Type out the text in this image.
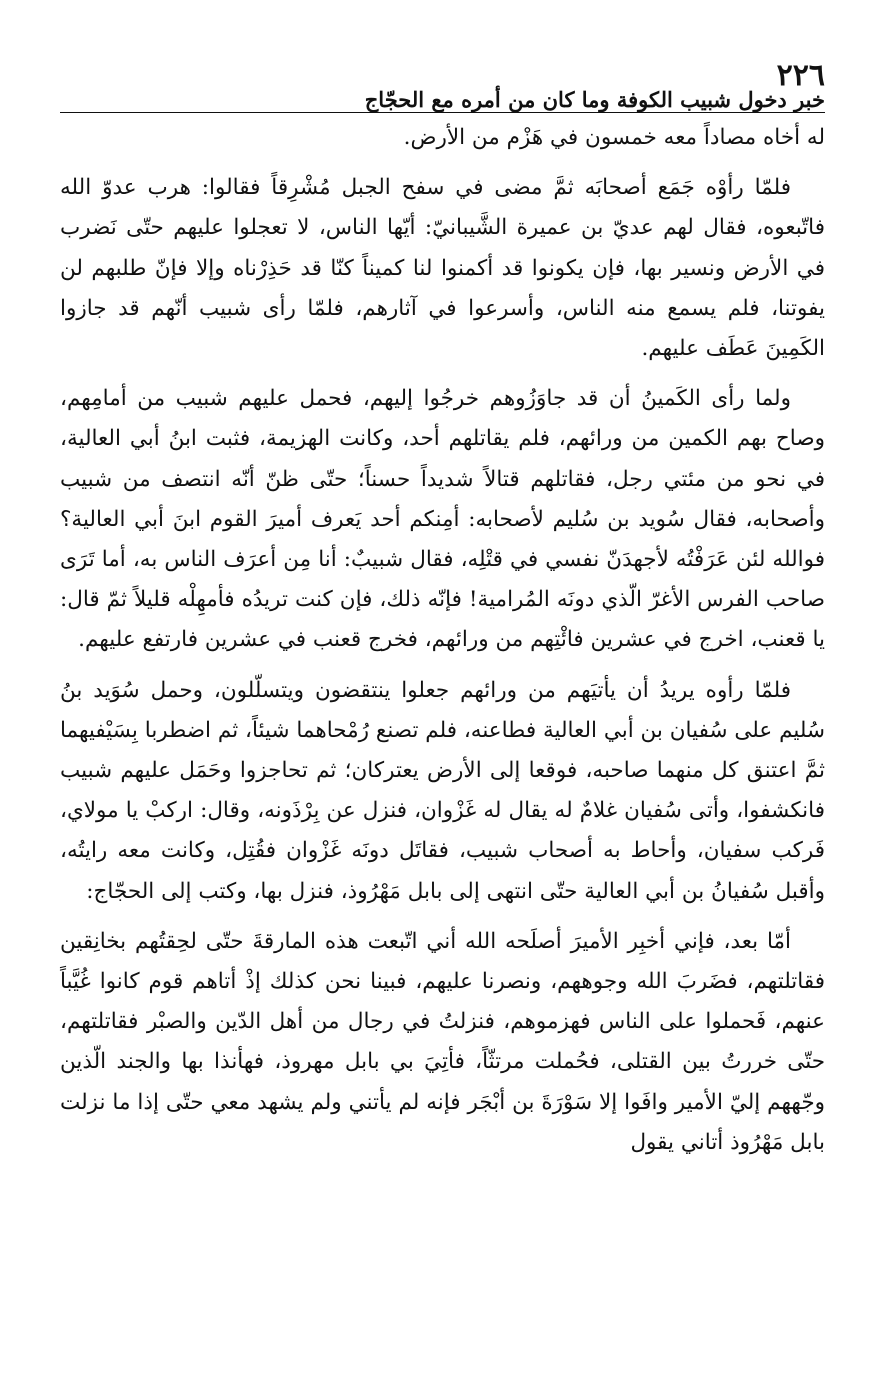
٢٢٦
خبر دخول شبيب الكوفة وما كان من أمره مع الحجّاج

له أخاه مصاداً معه خمسون في هَزْم من الأرض.

فلمّا رأوْه جَمَع أصحابَه ثمَّ مضى في سفح الجبل مُشْرِقاً فقالوا: هرب عدوّ الله فاتّبعوه، فقال لهم عديّ بن عميرة الشَّيبانيّ: أيّها الناس، لا تعجلوا عليهم حتّى نَضرب في الأرض ونسير بها، فإن يكونوا قد أكمنوا لنا كميناً كنّا قد حَذِرْناه وإلا فإنّ طلبهم لن يفوتنا، فلم يسمع منه الناس، وأسرعوا في آثارهم، فلمّا رأى شبيب أنّهم قد جازوا الكَمِينَ عَطَف عليهم.

ولما رأى الكَمينُ أن قد جاوَزُوهم خرجُوا إليهم، فحمل عليهم شبيب من أمامِهم، وصاح بهم الكمين من ورائهم، فلم يقاتلهم أحد، وكانت الهزيمة، فثبت ابنُ أبي العالية، في نحو من مئتي رجل، فقاتلهم قتالاً شديداً حسناً؛ حتّى ظنّ أنّه انتصف من شبيب وأصحابه، فقال سُويد بن سُليم لأصحابه: أمِنكم أحد يَعرف أميرَ القوم ابنَ أبي العالية؟ فوالله لئن عَرَفْتُه لأجهدَنّ نفسي في قتْلِه، فقال شبيبٌ: أنا مِن أعرَف الناس به، أما تَرَى صاحب الفرس الأغرّ الّذي دونَه المُرامية! فإنّه ذلك، فإن كنت تريدُه فأمهِلْه قليلاً ثمّ قال: يا قعنب، اخرج في عشرين فائْتِهم من ورائهم، فخرج قعنب في عشرين فارتفع عليهم.

فلمّا رأوه يريدُ أن يأتيَهم من ورائهم جعلوا ينتقضون ويتسلّلون، وحمل سُوَيد بنُ سُليم على سُفيان بن أبي العالية فطاعنه، فلم تصنع رُمْحاهما شيئاً، ثم اضطربا بِسَيْفيهما ثمَّ اعتنق كل منهما صاحبه، فوقعا إلى الأرض يعتركان؛ ثم تحاجزوا وحَمَل عليهم شبيب فانكشفوا، وأتى سُفيان غلامٌ له يقال له غَزْوان، فنزل عن بِرْذَونه، وقال: اركبْ يا مولاي، فَركب سفيان، وأحاط به أصحاب شبيب، فقاتَل دونَه غَزْوان فقُتِل، وكانت معه رايتُه، وأقبل سُفيانُ بن أبي العالية حتّى انتهى إلى بابل مَهْرُوذ، فنزل بها، وكتب إلى الحجّاج:

أمّا بعد، فإني أخبِر الأميرَ أصلَحه الله أني اتّبعت هذه المارقةَ حتّى لحِقتُهم بخانِقين فقاتلتهم، فضَربَ الله وجوههم، ونصرنا عليهم، فبينا نحن كذلك إذْ أتاهم قوم كانوا غُيَّباً عنهم، فَحملوا على الناس فهزموهم، فنزلتُ في رجال من أهل الدّين والصبْر فقاتلتهم، حتّى خررتُ بين القتلى، فحُملت مرتثّاً، فأتِيَ بي بابل مهروذ، فهأنذا بها والجند الّذين وجّههم إليّ الأمير وافَوا إلا سَوْرَةَ بن أبْجَر فإنه لم يأتني ولم يشهد معي حتّى إذا ما نزلت بابل مَهْرُوذ أتاني يقول
